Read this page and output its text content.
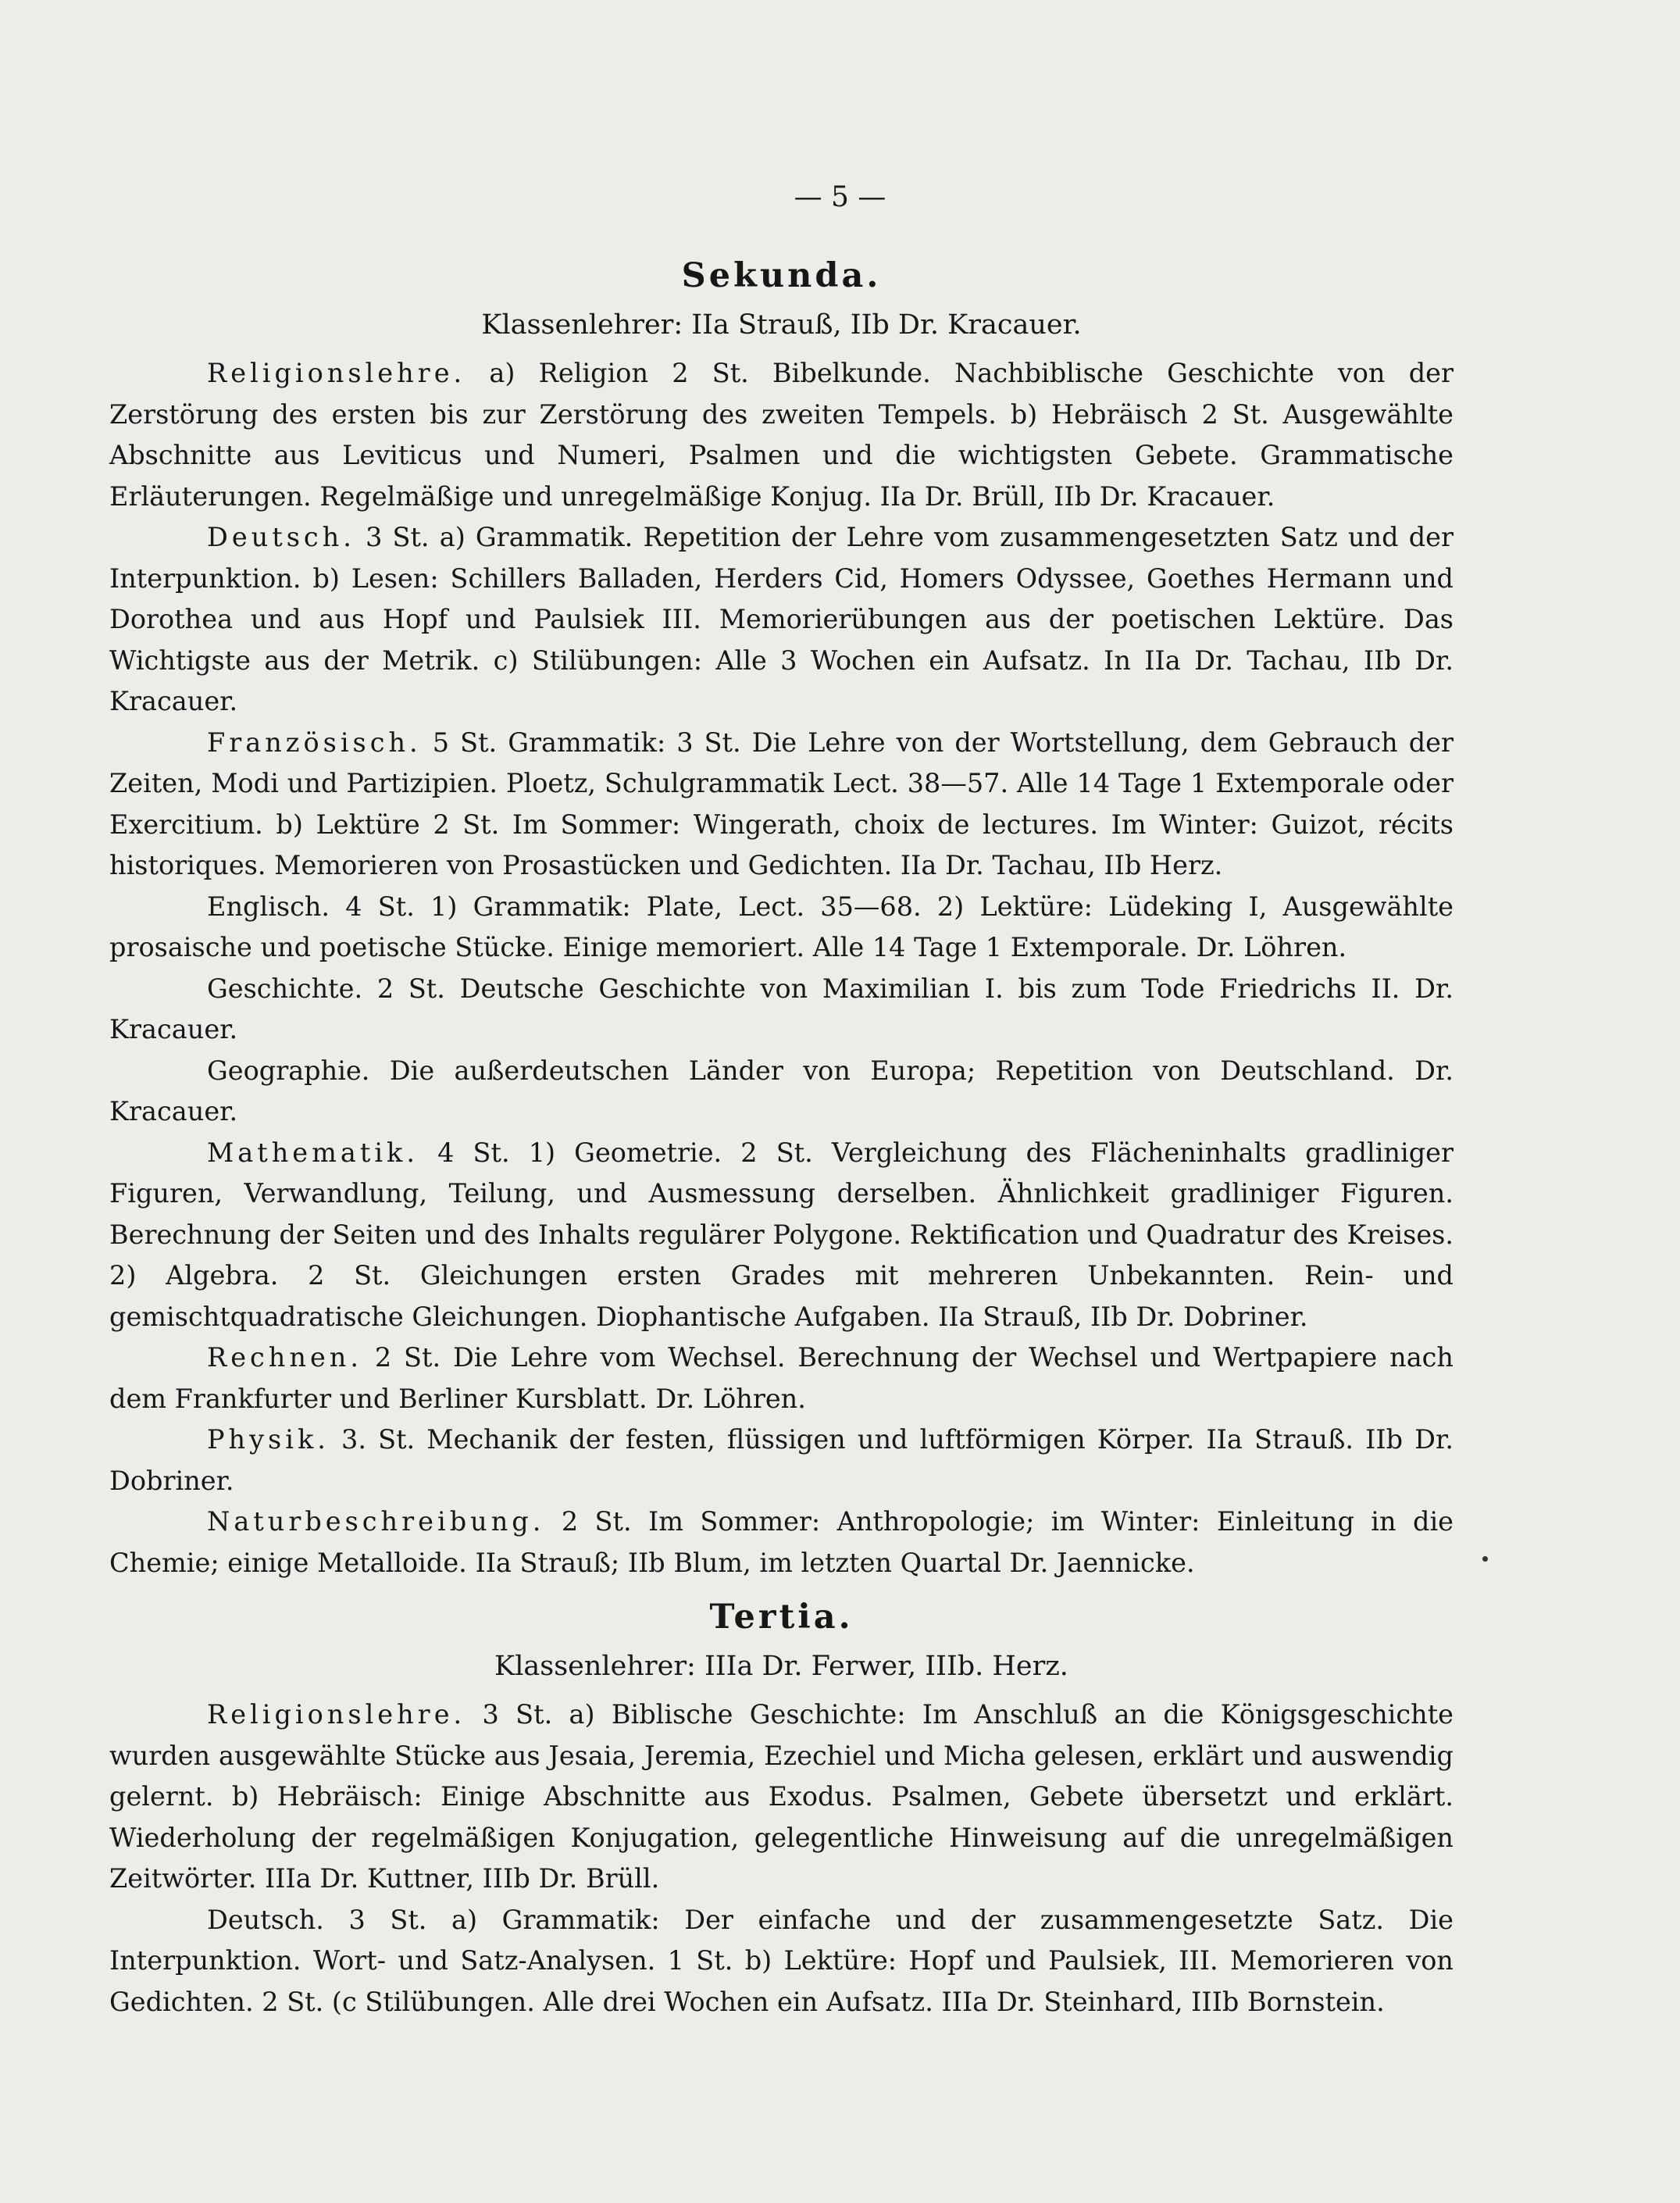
— 5 —
Sekunda.
Klassenlehrer: IIa Strauß, IIb Dr. Kracauer.

Religionslehre. a) Religion 2 St. Bibelkunde. Nachbiblische Geschichte von der Zerstörung des ersten bis zur Zerstörung des zweiten Tempels. b) Hebräisch 2 St. Ausgewählte Abschnitte aus Leviticus und Numeri, Psalmen und die wichtigsten Gebete. Grammatische Erläuterungen. Regelmäßige und unregelmäßige Konjug. IIa Dr. Brüll, IIb Dr. Kracauer.

Deutsch. 3 St. a) Grammatik. Repetition der Lehre vom zusammengesetzten Satz und der Interpunktion. b) Lesen: Schillers Balladen, Herders Cid, Homers Odyssee, Goethes Hermann und Dorothea und aus Hopf und Paulsiek III. Memorierübungen aus der poetischen Lektüre. Das Wichtigste aus der Metrik. c) Stilübungen: Alle 3 Wochen ein Aufsatz. In IIa Dr. Tachau, IIb Dr. Kracauer.

Französisch. 5 St. Grammatik: 3 St. Die Lehre von der Wortstellung, dem Gebrauch der Zeiten, Modi und Partizipien. Ploetz, Schulgrammatik Lect. 38—57. Alle 14 Tage 1 Extemporale oder Exercitium. b) Lektüre 2 St. Im Sommer: Wingerath, choix de lectures. Im Winter: Guizot, récits historiques. Memorieren von Prosastücken und Gedichten. IIa Dr. Tachau, IIb Herz.

Englisch. 4 St. 1) Grammatik: Plate, Lect. 35—68. 2) Lektüre: Lüdeking I, Ausgewählte prosaische und poetische Stücke. Einige memoriert. Alle 14 Tage 1 Extemporale. Dr. Löhren.

Geschichte. 2 St. Deutsche Geschichte von Maximilian I. bis zum Tode Friedrichs II. Dr. Kracauer.

Geographie. Die außerdeutschen Länder von Europa; Repetition von Deutschland. Dr. Kracauer.

Mathematik. 4 St. 1) Geometrie. 2 St. Vergleichung des Flächeninhalts gradliniger Figuren, Verwandlung, Teilung, und Ausmessung derselben. Ähnlichkeit gradliniger Figuren. Berechnung der Seiten und des Inhalts regulärer Polygone. Rektification und Quadratur des Kreises. 2) Algebra. 2 St. Gleichungen ersten Grades mit mehreren Unbekannten. Rein- und gemischtquadratische Gleichungen. Diophantische Aufgaben. IIa Strauß, IIb Dr. Dobriner.

Rechnen. 2 St. Die Lehre vom Wechsel. Berechnung der Wechsel und Wertpapiere nach dem Frankfurter und Berliner Kursblatt. Dr. Löhren.

Physik. 3. St. Mechanik der festen, flüssigen und luftförmigen Körper. IIa Strauß. IIb Dr. Dobriner.

Naturbeschreibung. 2 St. Im Sommer: Anthropologie; im Winter: Einleitung in die Chemie; einige Metalloide. IIa Strauß; IIb Blum, im letzten Quartal Dr. Jaennicke.

Tertia.
Klassenlehrer: IIIa Dr. Ferwer, IIIb. Herz.

Religionslehre. 3 St. a) Biblische Geschichte: Im Anschluß an die Königsgeschichte wurden ausgewählte Stücke aus Jesaia, Jeremia, Ezechiel und Micha gelesen, erklärt und auswendig gelernt. b) Hebräisch: Einige Abschnitte aus Exodus. Psalmen, Gebete übersetzt und erklärt. Wiederholung der regelmäßigen Konjugation, gelegentliche Hinweisung auf die unregelmäßigen Zeitwörter. IIIa Dr. Kuttner, IIIb Dr. Brüll.

Deutsch. 3 St. a) Grammatik: Der einfache und der zusammengesetzte Satz. Die Interpunktion. Wort- und Satz-Analysen. 1 St. b) Lektüre: Hopf und Paulsiek, III. Memorieren von Gedichten. 2 St. (c Stilübungen. Alle drei Wochen ein Aufsatz. IIIa Dr. Steinhard, IIIb Bornstein.
